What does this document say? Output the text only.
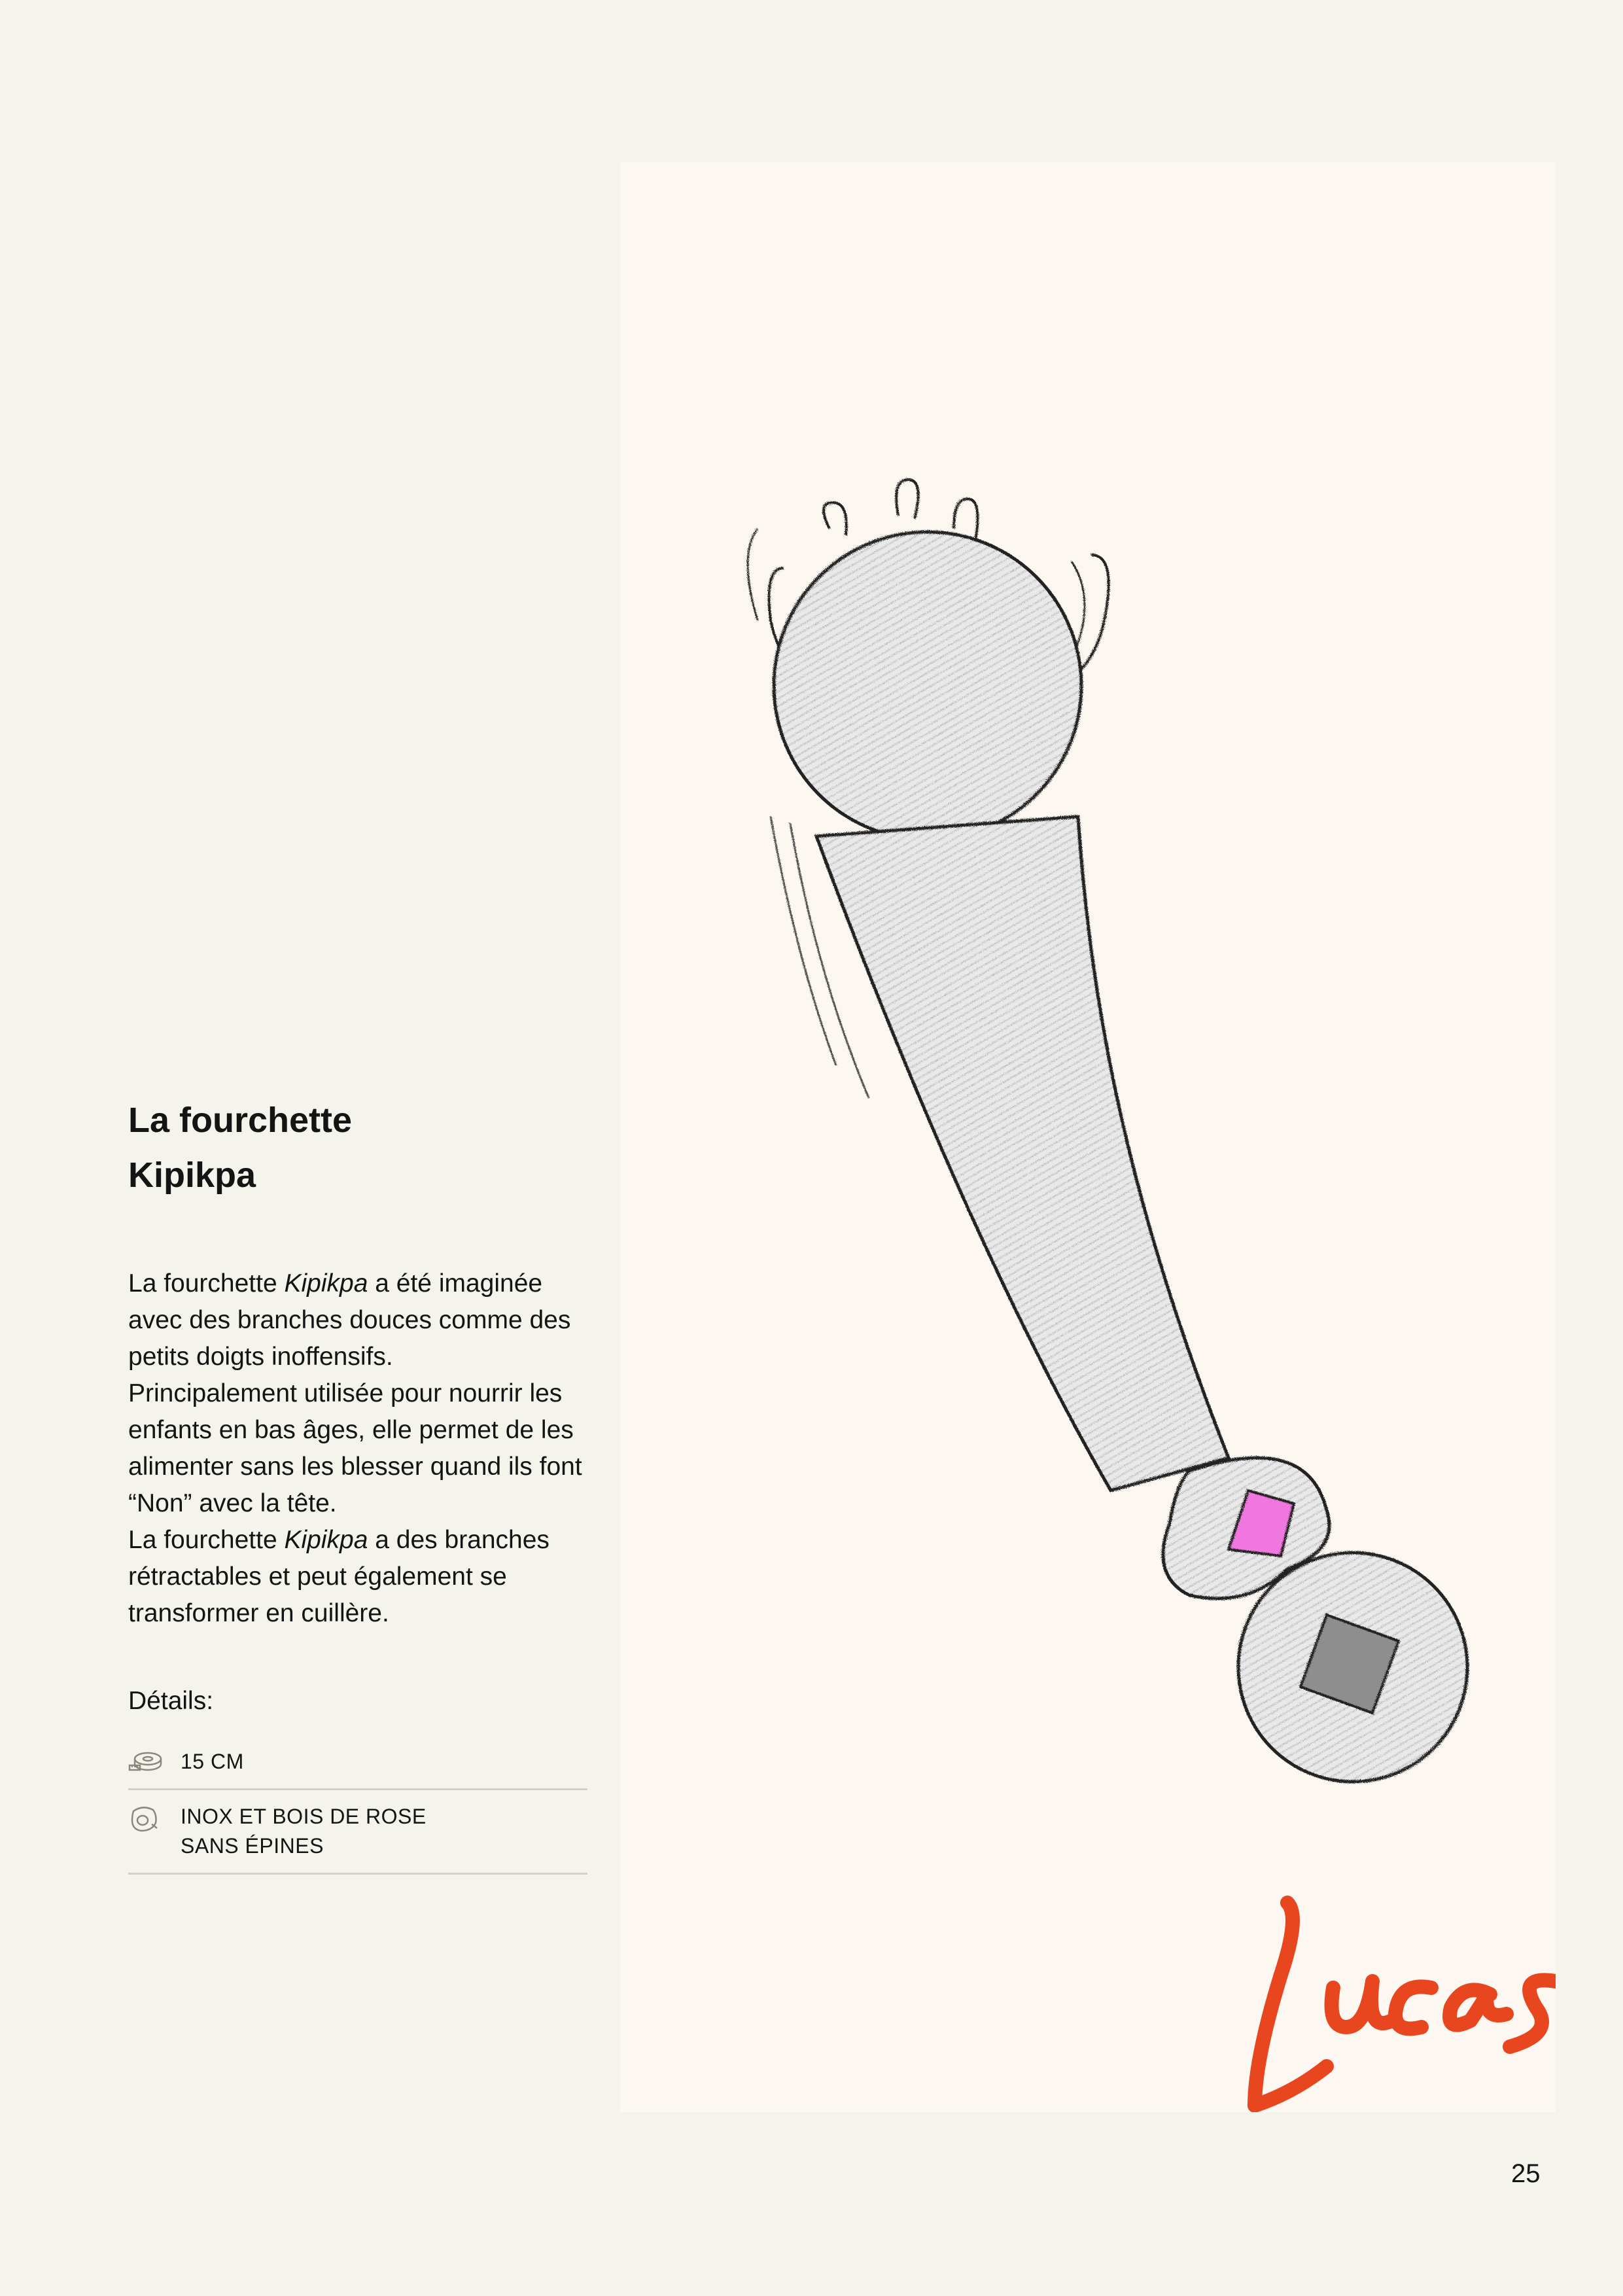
La fourchette
Kipikpa

La fourchette Kipikpa a été imaginée avec des branches douces comme des petits doigts inoffensifs.

Principalement utilisée pour nourrir les enfants en bas âges, elle permet de les alimenter sans les blesser quand ils font “Non” avec la tête.

La fourchette Kipikpa a des branches rétractables et peut également se transformer en cuillère.

Détails:
15 CM
INOX ET BOIS DE ROSE
SANS ÉPINES
25
